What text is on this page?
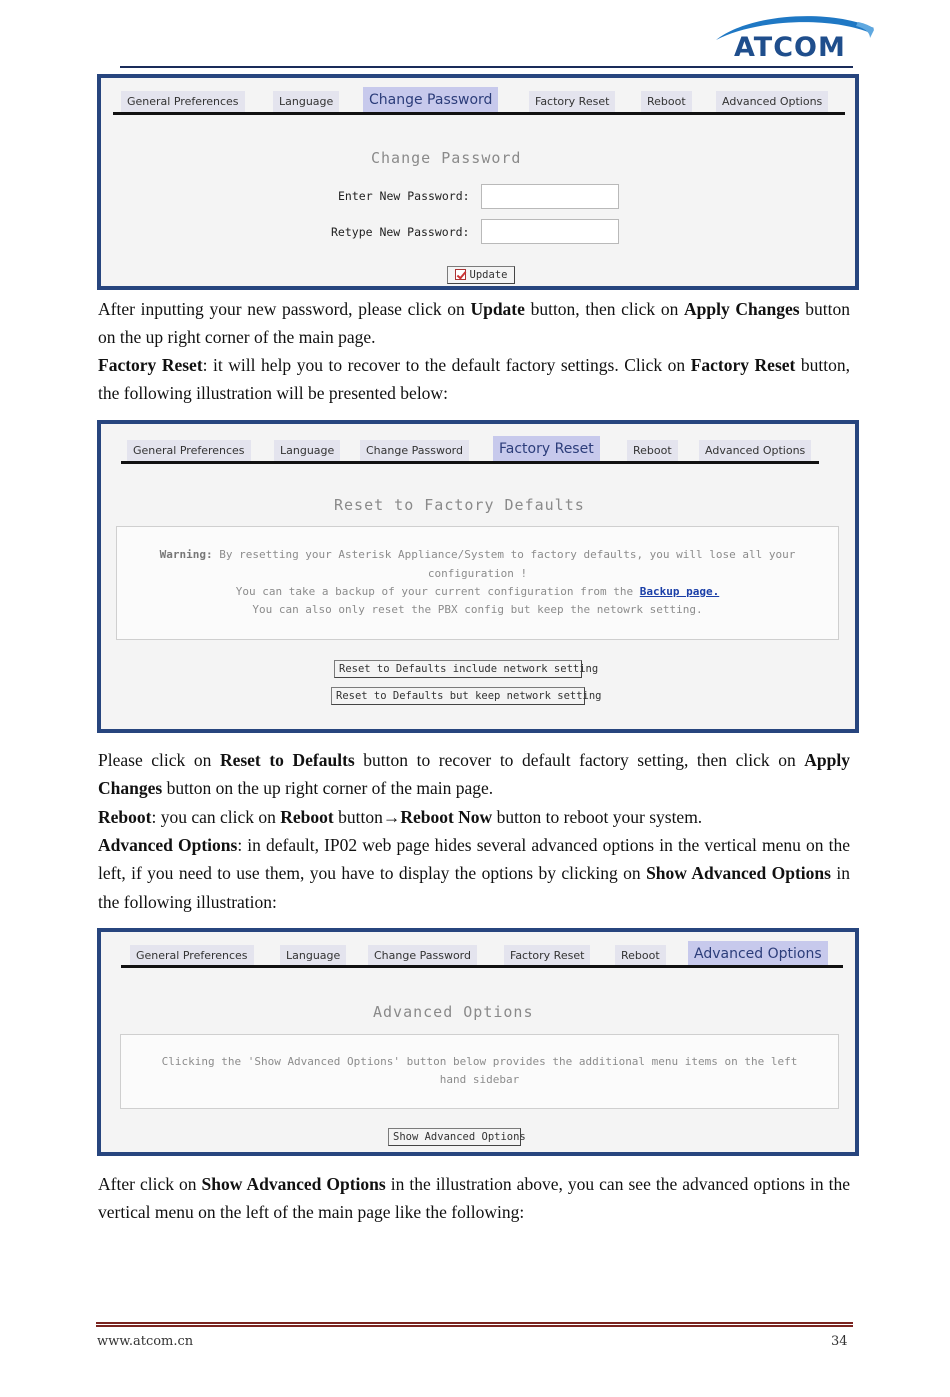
ATCOM
General Preferences	Language	Change Password	Factory Reset	Reboot	Advanced Options
Change Password
Enter New Password:
Retype New Password:
Update
After inputting your new password, please click on Update button, then click on Apply Changes button on the up right corner of the main page.
Factory Reset: it will help you to recover to the default factory settings. Click on Factory Reset button, the following illustration will be presented below:
General Preferences	Language	Change Password	Factory Reset	Reboot	Advanced Options
Reset to Factory Defaults
Warning: By resetting your Asterisk Appliance/System to factory defaults, you will lose all your
configuration !
You can take a backup of your current configuration from the Backup page.
You can also only reset the PBX config but keep the netowrk setting.
Reset to Defaults include network setting
Reset to Defaults but keep network setting
Please click on Reset to Defaults button to recover to default factory setting, then click on Apply Changes button on the up right corner of the main page.
Reboot: you can click on Reboot button→Reboot Now button to reboot your system.
Advanced Options: in default, IP02 web page hides several advanced options in the vertical menu on the left, if you need to use them, you have to display the options by clicking on Show Advanced Options in the following illustration:
General Preferences	Language	Change Password	Factory Reset	Reboot	Advanced Options
Advanced Options
Clicking the 'Show Advanced Options' button below provides the additional menu items on the left
hand sidebar
Show Advanced Options
After click on Show Advanced Options in the illustration above, you can see the advanced options in the vertical menu on the left of the main page like the following:
www.atcom.cn	34
